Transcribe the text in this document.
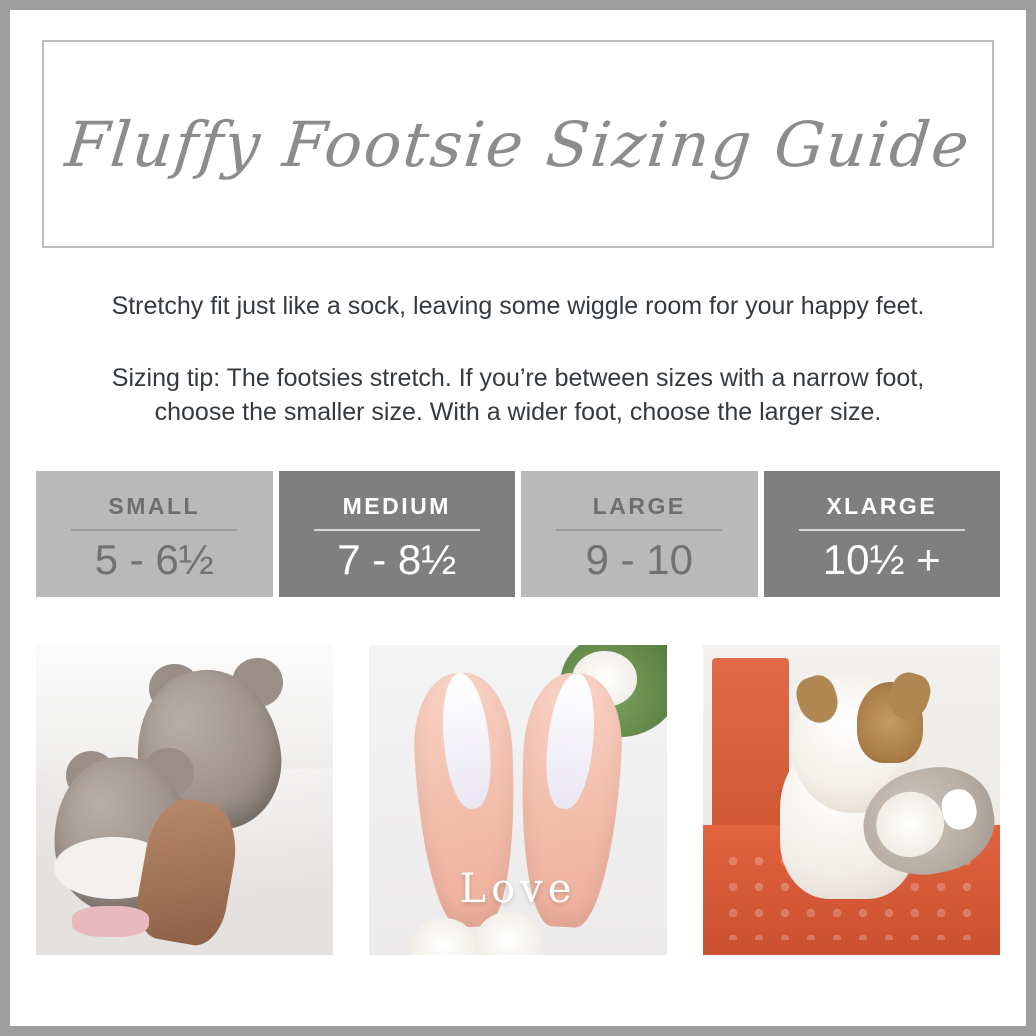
Fluffy Footsie Sizing Guide

Stretchy fit just like a sock, leaving some wiggle room for your happy feet.

Sizing tip: The footsies stretch. If you’re between sizes with a narrow foot,

choose the smaller size. With a wider foot, choose the larger size.

SMALL
5 - 6½
MEDIUM
7 - 8½
LARGE
9 - 10
XLARGE
10½ +
Love
